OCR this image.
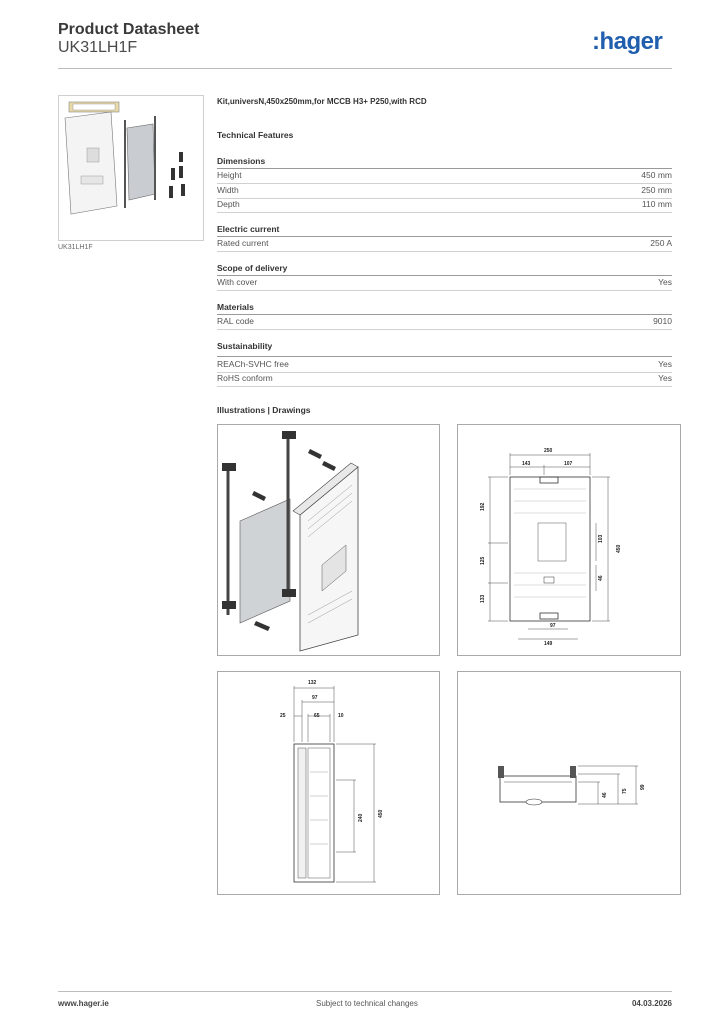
Product Datasheet
UK31LH1F	:hager
UK31LH1F
Kit,universN,450x250mm,for MCCB H3+ P250,with RCD
Technical Features
Dimensions
Height	450 mm
Width	250 mm
Depth	110 mm
Electric current
Rated current	250 A
Scope of delivery
With cover	Yes
Materials
RAL code	9010
Sustainability
REACh-SVHC free	Yes
RoHS conform	Yes
Illustrations | Drawings
250
143	107
192
125
133
103
46
450
97
149
132
97
25	65	10
240	450
46
75
99
www.hager.ie	Subject to technical changes	04.03.2026
